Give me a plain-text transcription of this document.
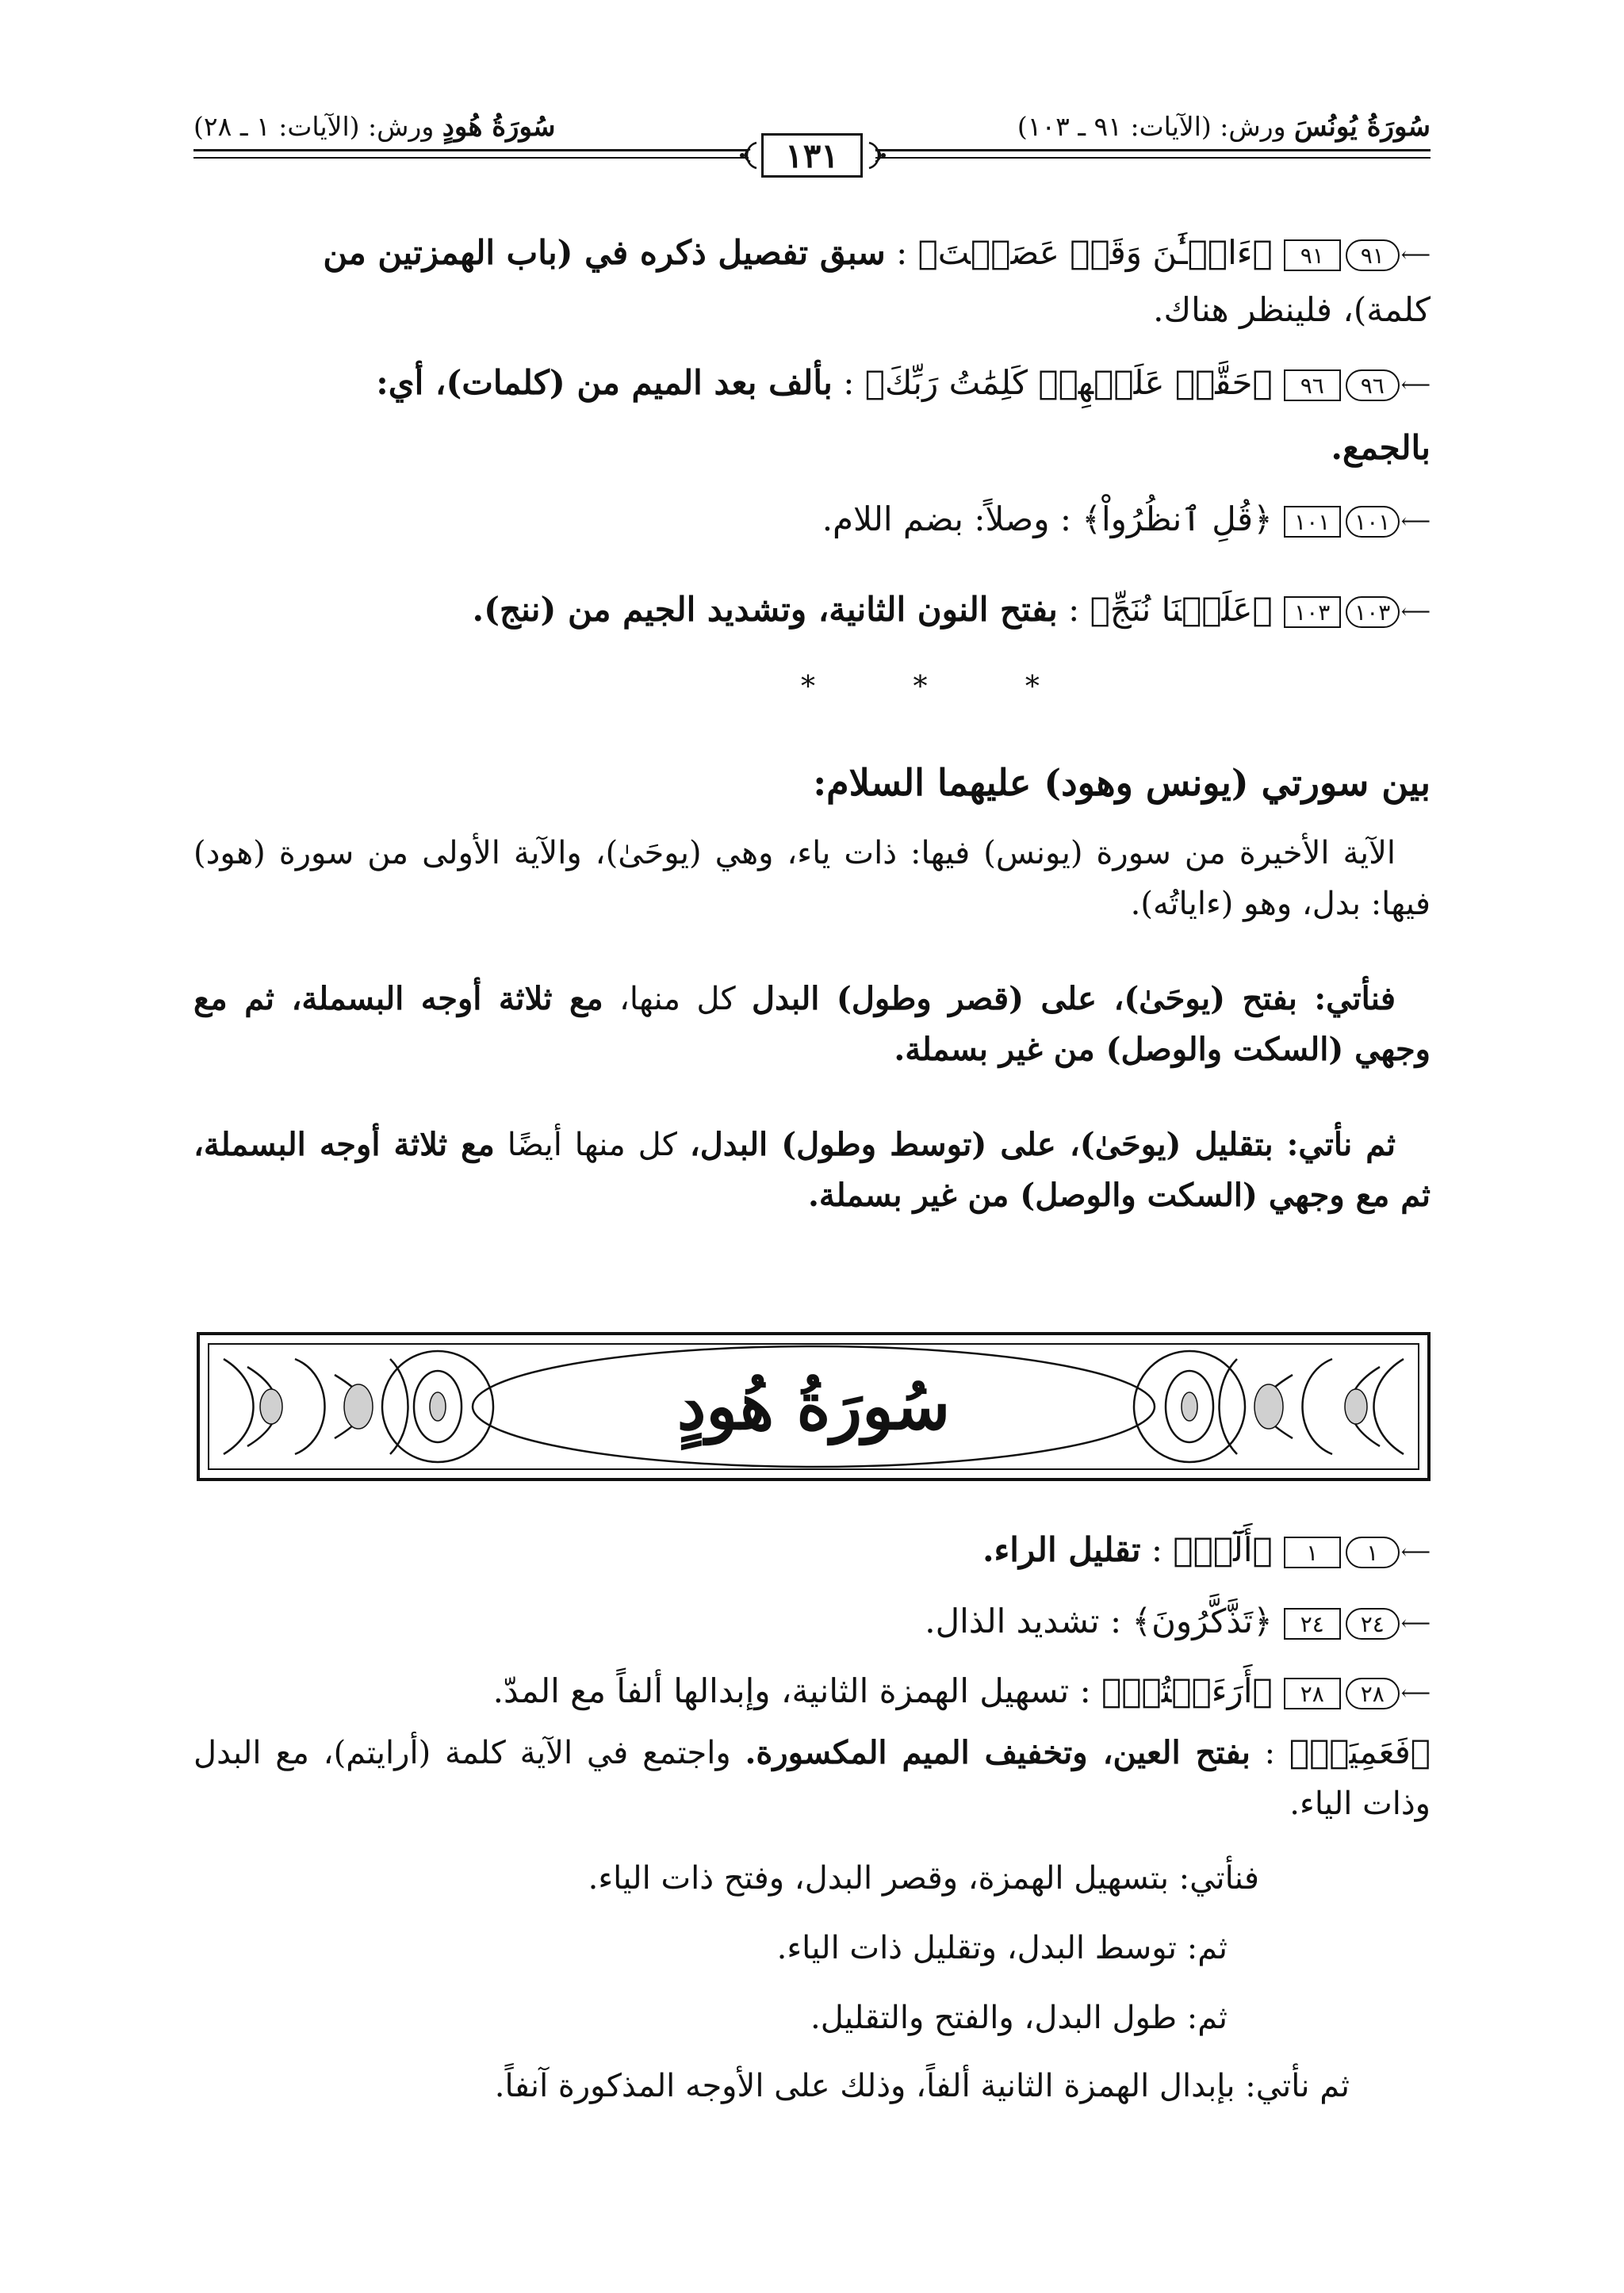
سُورَةُ يُونُسَ ورش: (الآيات: ٩١ ـ ١٠٣)
سُورَةُ هُودٍ ورش: (الآيات: ١ ـ ٢٨)
١٣١
⟵٩١٩١﴿ءَالۡـَٰٔنَ وَقَدۡ عَصَيۡتَ﴾ : سبق تفصيل ذكره في (باب الهمزتين من
كلمة)، فلينظر هناك.
⟵٩٦٩٦﴿حَقَّتۡ عَلَيۡهِمۡ كَلِمَٰتُ رَبِّكَ﴾ : بألف بعد الميم من (كلمات)، أي:
بالجمع.
⟵١٠١١٠١﴿قُلِ ٱنظُرُواْ﴾ : وصلاً: بضم اللام.
⟵١٠٣١٠٣﴿عَلَيۡنَا نُنَجِّ﴾ : بفتح النون الثانية، وتشديد الجيم من (ننج).
* * *
بين سورتي (يونس وهود) عليهما السلام:
الآية الأخيرة من سورة (يونس) فيها: ذات ياء، وهي (يوحَىٰ)، والآية الأولى من سورة (هود) فيها: بدل، وهو (ءاياتُه).
فنأتي: بفتح (يوحَىٰ)، على (قصر وطول) البدل كل منها، مع ثلاثة أوجه البسملة، ثم مع وجهي (السكت والوصل) من غير بسملة.
ثم نأتي: بتقليل (يوحَىٰ)، على (توسط وطول) البدل، كل منها أيضًا مع ثلاثة أوجه البسملة، ثم مع وجهي (السكت والوصل) من غير بسملة.
سُورَةُ هُودٍ
⟵١١﴿أَلَٓرۚ﴾ : تقليل الراء.
⟵٢٤٢٤﴿تَذَّكَّرُونَ﴾ : تشديد الذال.
⟵٢٨٢٨﴿أَرَءَيۡتُمۡ﴾ : تسهيل الهمزة الثانية، وإبدالها ألفاً مع المدّ.
﴿فَعَمِيَتۡ﴾ : بفتح العين، وتخفيف الميم المكسورة. واجتمع في الآية كلمة (أرايتم)، مع البدل وذات الياء.
فنأتي: بتسهيل الهمزة، وقصر البدل، وفتح ذات الياء.
ثم: توسط البدل، وتقليل ذات الياء.
ثم: طول البدل، والفتح والتقليل.
ثم نأتي: بإبدال الهمزة الثانية ألفاً، وذلك على الأوجه المذكورة آنفاً.
